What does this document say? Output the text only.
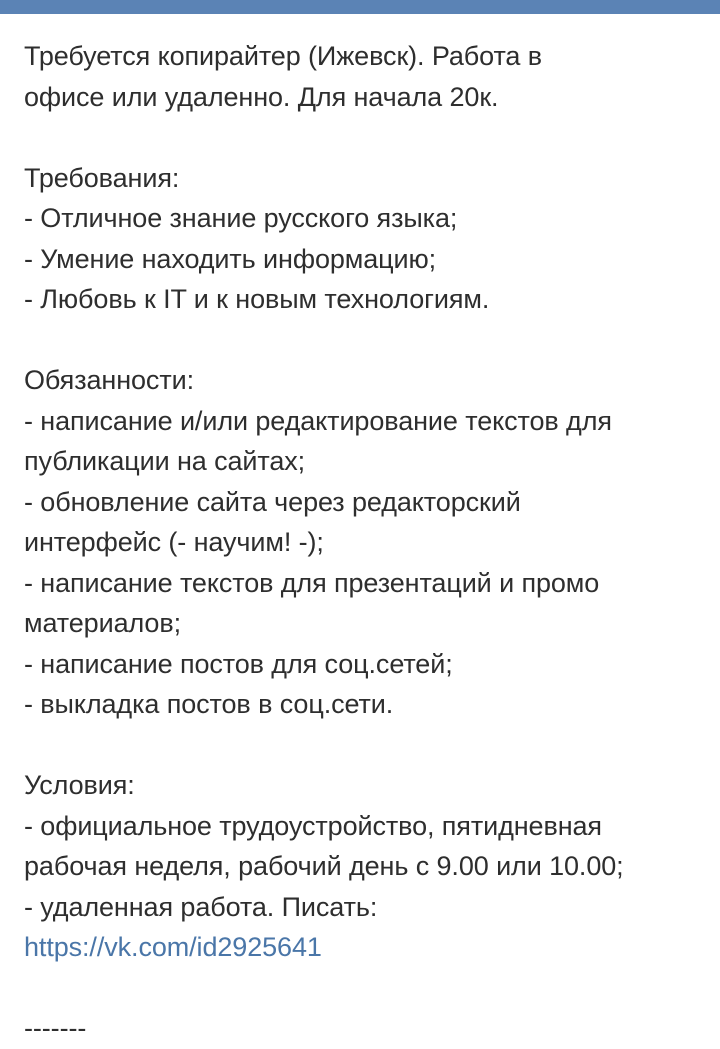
Требуется копирайтер (Ижевск). Работа в
офисе или удаленно. Для начала 20к.
Требования:
- Отличное знание русского языка;
- Умение находить информацию;
- Любовь к IT и к новым технологиям.
Обязанности:
- написание и/или редактирование текстов для
публикации на сайтах;
- обновление сайта через редакторский
интерфейс (- научим! -);
- написание текстов для презентаций и промо
материалов;
- написание постов для соц.сетей;
- выкладка постов в соц.сети.
Условия:
- официальное трудоустройство, пятидневная
рабочая неделя, рабочий день с 9.00 или 10.00;
- удаленная работа. Писать:
https://vk.com/id2925641
-------
